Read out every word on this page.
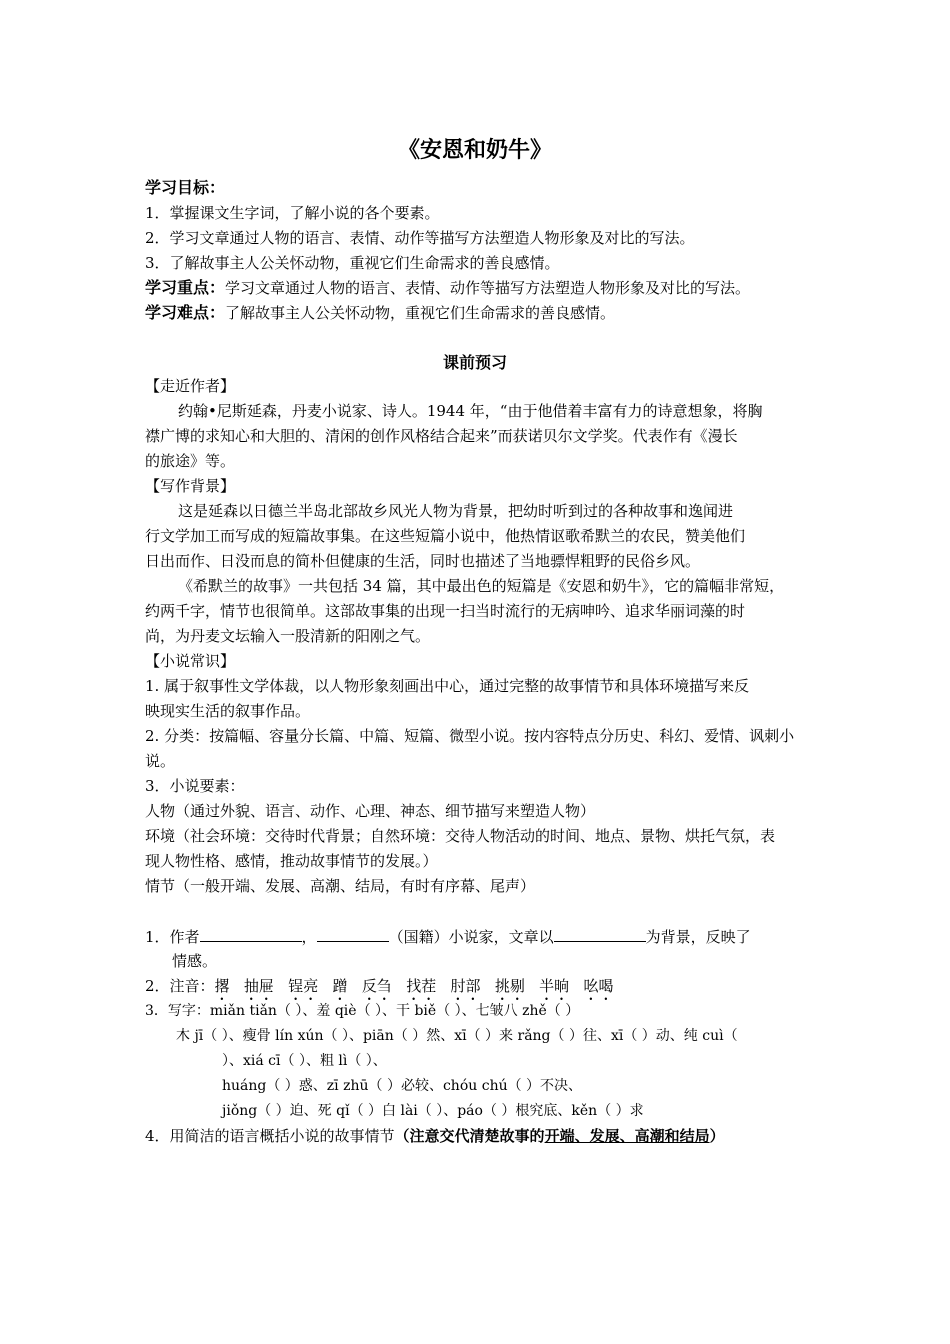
《安恩和奶牛》
学习目标：
1．掌握课文生字词，了解小说的各个要素。
2．学习文章通过人物的语言、表情、动作等描写方法塑造人物形象及对比的写法。
3．了解故事主人公关怀动物，重视它们生命需求的善良感情。
学习重点：学习文章通过人物的语言、表情、动作等描写方法塑造人物形象及对比的写法。
学习难点：了解故事主人公关怀动物，重视它们生命需求的善良感情。
课前预习
【走近作者】
约翰•尼斯延森，丹麦小说家、诗人。1944 年，“由于他借着丰富有力的诗意想象，将胸
襟广博的求知心和大胆的、清闲的创作风格结合起来”而获诺贝尔文学奖。代表作有《漫长
的旅途》等。
【写作背景】
这是延森以日德兰半岛北部故乡风光人物为背景，把幼时听到过的各种故事和逸闻进
行文学加工而写成的短篇故事集。在这些短篇小说中，他热情讴歌希默兰的农民，赞美他们
日出而作、日没而息的简朴但健康的生活，同时也描述了当地骠悍粗野的民俗乡风。
《希默兰的故事》一共包括 34 篇，其中最出色的短篇是《安恩和奶牛》，它的篇幅非常短，
约两千字，情节也很简单。这部故事集的出现一扫当时流行的无病呻吟、追求华丽词藻的时
尚，为丹麦文坛输入一股清新的阳刚之气。
【小说常识】
1. 属于叙事性文学体裁，以人物形象刻画出中心，通过完整的故事情节和具体环境描写来反
映现实生活的叙事作品。
2. 分类：按篇幅、容量分长篇、中篇、短篇、微型小说。按内容特点分历史、科幻、爱情、讽刺小
说。
3．小说要素：
人物（通过外貌、语言、动作、心理、神态、细节描写来塑造人物）
环境（社会环境：交待时代背景；自然环境：交待人物活动的时间、地点、景物、烘托气氛，表
现人物性格、感情，推动故事情节的发展。）
情节（一般开端、发展、高潮、结局，有时有序幕、尾声）
1．作者	，	（国籍）小说家，文章以	为背景，反映了
情感。
2．注音：撂 抽屉 锃亮 蹭 反刍 找茬 肘部 挑剔 半晌 吆喝
3．写字：miǎn tiǎn（ ）、羞 qiè（ ）、干 biě（ ）、七皱八 zhě（ ）
木 jī（ ）、瘦骨 lín xún（ ）、piān（ ）然、xī（ ）来 rǎng（ ）往、xī（ ）动、纯 cuì（
）、xiá cī（ ）、粗 lì（ ）、
huáng（ ）惑、zī zhū（ ）必较、chóu chú（ ）不决、
jiǒng（ ）迫、死 qǐ（ ）白 lài（ ）、páo（ ）根究底、kěn（ ）求
4．用简洁的语言概括小说的故事情节（注意交代清楚故事的开端、发展、高潮和结局）
